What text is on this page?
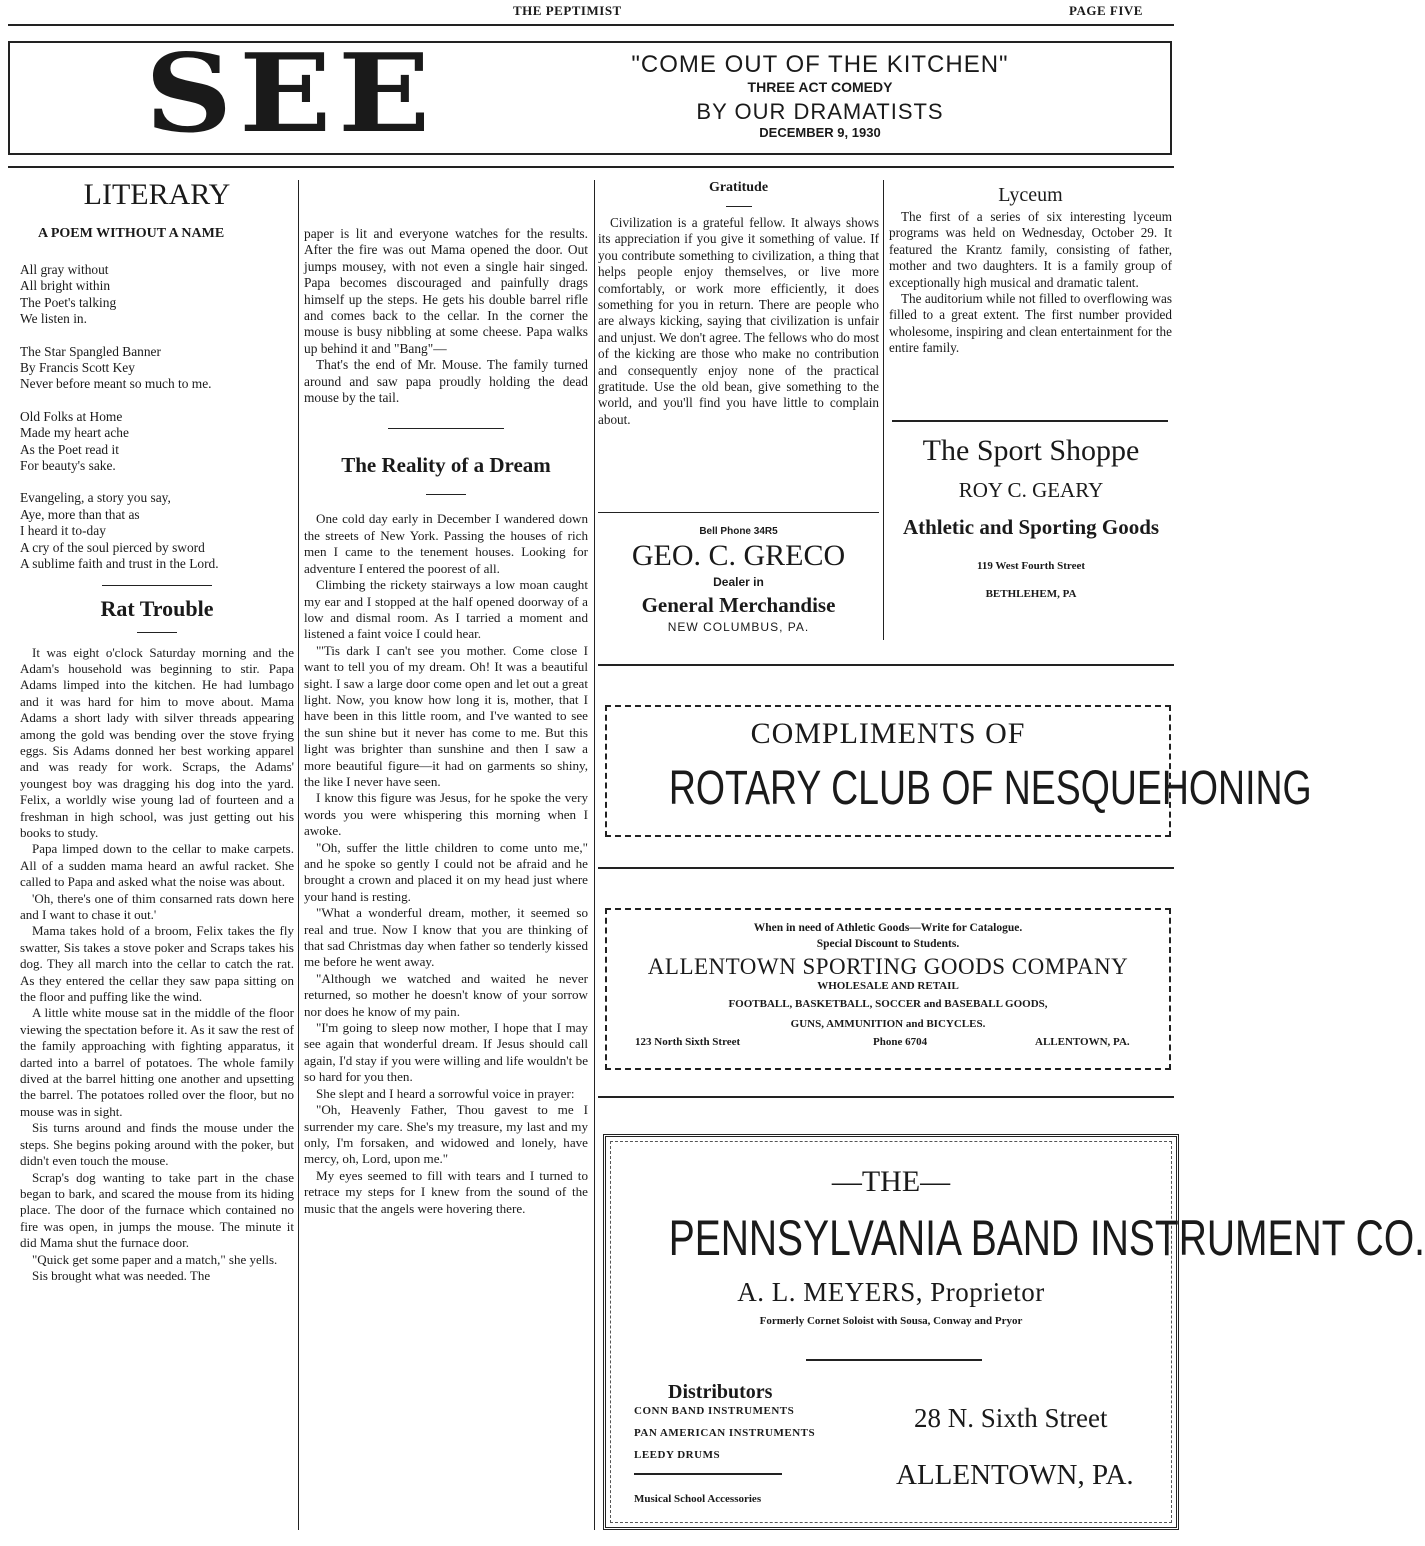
THE PEPTIMIST	PAGE FIVE
SEE	"COME OUT OF THE KITCHEN"
THREE ACT COMEDY
BY OUR DRAMATISTS
DECEMBER 9, 1930
LITERARY
A POEM WITHOUT A NAME
All gray without
All bright within
The Poet's talking
We listen in.
The Star Spangled Banner
By Francis Scott Key
Never before meant so much to me.
Old Folks at Home
Made my heart ache
As the Poet read it
For beauty's sake.
Evangeling, a story you say,
Aye, more than that as
I heard it to-day
A cry of the soul pierced by sword
A sublime faith and trust in the Lord.
Rat Trouble

It was eight o'clock Saturday morning and the Adam's household was beginning to stir. Papa Adams limped into the kitchen. He had lumbago and it was hard for him to move about. Mama Adams a short lady with silver threads appearing among the gold was bending over the stove frying eggs. Sis Adams donned her best working apparel and was ready for work. Scraps, the Adams' youngest boy was dragging his dog into the yard. Felix, a worldly wise young lad of fourteen and a freshman in high school, was just getting out his books to study.

Papa limped down to the cellar to make carpets. All of a sudden mama heard an awful racket. She called to Papa and asked what the noise was about.

'Oh, there's one of thim consarned rats down here and I want to chase it out.'

Mama takes hold of a broom, Felix takes the fly swatter, Sis takes a stove poker and Scraps takes his dog. They all march into the cellar to catch the rat. As they entered the cellar they saw papa sitting on the floor and puffing like the wind.

A little white mouse sat in the middle of the floor viewing the spectation before it. As it saw the rest of the family approaching with fighting apparatus, it darted into a barrel of potatoes. The whole family dived at the barrel hitting one another and upsetting the barrel. The potatoes rolled over the floor, but no mouse was in sight.

Sis turns around and finds the mouse under the steps. She begins poking around with the poker, but didn't even touch the mouse.

Scrap's dog wanting to take part in the chase began to bark, and scared the mouse from its hiding place. The door of the furnace which contained no fire was open, in jumps the mouse. The minute it did Mama shut the furnace door.

"Quick get some paper and a match," she yells.

Sis brought what was needed. The

paper is lit and everyone watches for the results. After the fire was out Mama opened the door. Out jumps mousey, with not even a single hair singed. Papa becomes discouraged and painfully drags himself up the steps. He gets his double barrel rifle and comes back to the cellar. In the corner the mouse is busy nibbling at some cheese. Papa walks up behind it and "Bang"—

That's the end of Mr. Mouse. The family turned around and saw papa proudly holding the dead mouse by the tail.

The Reality of a Dream

One cold day early in December I wandered down the streets of New York. Passing the houses of rich men I came to the tenement houses. Looking for adventure I entered the poorest of all.

Climbing the rickety stairways a low moan caught my ear and I stopped at the half opened doorway of a low and dismal room. As I tarried a moment and listened a faint voice I could hear.

"'Tis dark I can't see you mother. Come close I want to tell you of my dream. Oh! It was a beautiful sight. I saw a large door come open and let out a great light. Now, you know how long it is, mother, that I have been in this little room, and I've wanted to see the sun shine but it never has come to me. But this light was brighter than sunshine and then I saw a more beautiful figure—it had on garments so shiny, the like I never have seen.

I know this figure was Jesus, for he spoke the very words you were whispering this morning when I awoke.

"Oh, suffer the little children to come unto me," and he spoke so gently I could not be afraid and he brought a crown and placed it on my head just where your hand is resting.

"What a wonderful dream, mother, it seemed so real and true. Now I know that you are thinking of that sad Christmas day when father so tenderly kissed me before he went away.

"Although we watched and waited he never returned, so mother he doesn't know of your sorrow nor does he know of my pain.

"I'm going to sleep now mother, I hope that I may see again that wonderful dream. If Jesus should call again, I'd stay if you were willing and life wouldn't be so hard for you then.

She slept and I heard a sorrowful voice in prayer:

"Oh, Heavenly Father, Thou gavest to me I surrender my care. She's my treasure, my last and my only, I'm forsaken, and widowed and lonely, have mercy, oh, Lord, upon me."

My eyes seemed to fill with tears and I turned to retrace my steps for I knew from the sound of the music that the angels were hovering there.

Gratitude

Civilization is a grateful fellow. It always shows its appreciation if you give it something of value. If you contribute something to civilization, a thing that helps people enjoy themselves, or live more comfortably, or work more efficiently, it does something for you in return. There are people who are always kicking, saying that civilization is unfair and unjust. We don't agree. The fellows who do most of the kicking are those who make no contribution and consequently enjoy none of the practical gratitude. Use the old bean, give something to the world, and you'll find you have little to complain about.

Lyceum

The first of a series of six interesting lyceum programs was held on Wednesday, October 29. It featured the Krantz family, consisting of father, mother and two daughters. It is a family group of exceptionally high musical and dramatic talent.

The auditorium while not filled to overflowing was filled to a great extent. The first number provided wholesome, inspiring and clean entertainment for the entire family.

Bell Phone 34R5
GEO. C. GRECO
Dealer in
General Merchandise
NEW COLUMBUS, PA.
The Sport Shoppe
ROY C. GEARY
Athletic and Sporting Goods
119 West Fourth Street
BETHLEHEM, PA
COMPLIMENTS OF
ROTARY CLUB OF NESQUEHONING
When in need of Athletic Goods—Write for Catalogue.
Special Discount to Students.
ALLENTOWN SPORTING GOODS COMPANY
WHOLESALE AND RETAIL
FOOTBALL, BASKETBALL, SOCCER and BASEBALL GOODS,
GUNS, AMMUNITION and BICYCLES.
123 North Sixth Street	Phone 6704	ALLENTOWN, PA.
—THE—
PENNSYLVANIA BAND INSTRUMENT CO.
A. L. MEYERS, Proprietor
Formerly Cornet Soloist with Sousa, Conway and Pryor
Distributors
CONN BAND INSTRUMENTS
PAN AMERICAN INSTRUMENTS
LEEDY DRUMS
Musical School Accessories
28 N. Sixth Street
ALLENTOWN, PA.
